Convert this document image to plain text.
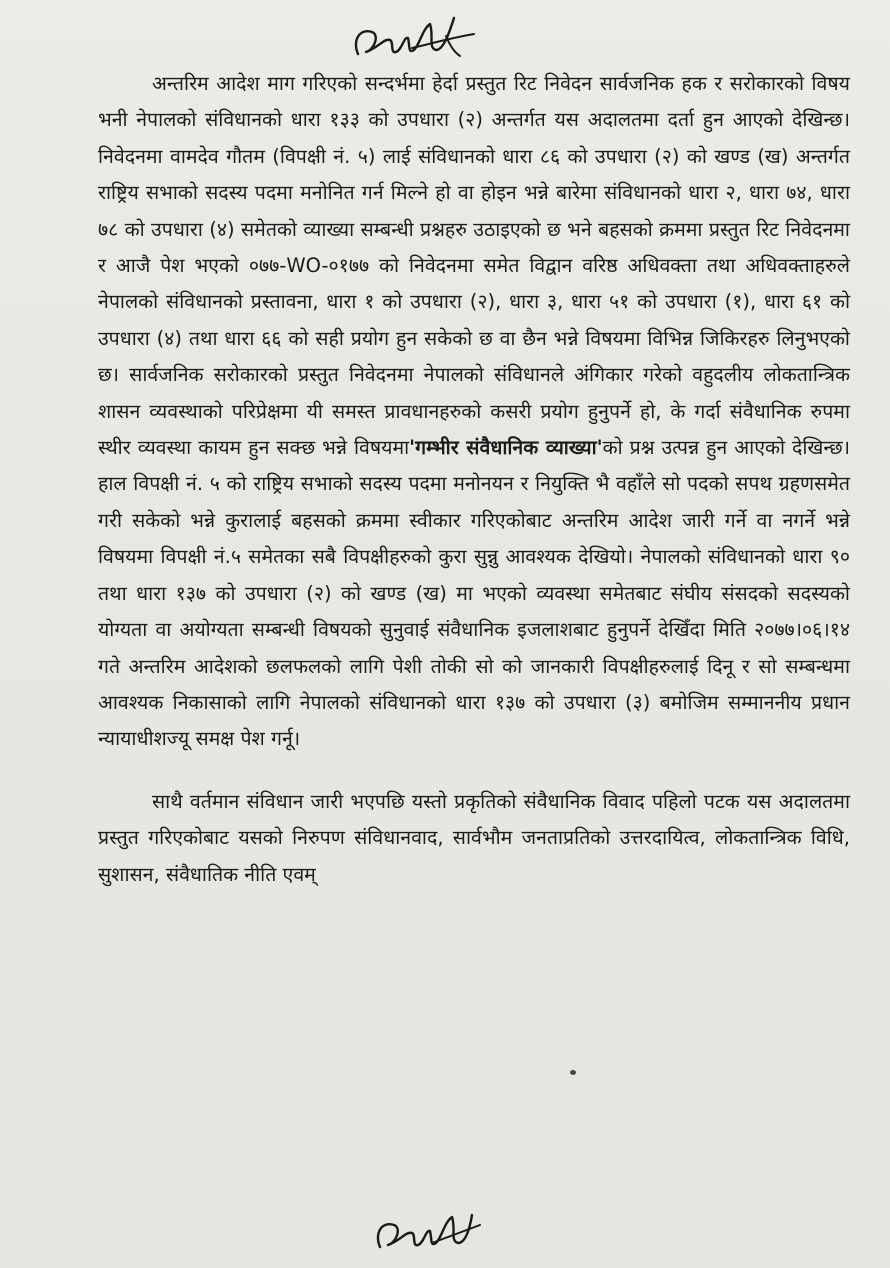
अन्तरिम आदेश माग गरिएको सन्दर्भमा हेर्दा प्रस्तुत रिट निवेदन सार्वजनिक हक र सरोकारको विषय भनी नेपालको संविधानको धारा १३३ को उपधारा (२) अन्तर्गत यस अदालतमा दर्ता हुन आएको देखिन्छ। निवेदनमा वामदेव गौतम (विपक्षी नं. ५) लाई संविधानको धारा ८६ को उपधारा (२) को खण्ड (ख) अन्तर्गत राष्ट्रिय सभाको सदस्य पदमा मनोनित गर्न मिल्ने हो वा होइन भन्ने बारेमा संविधानको धारा २, धारा ७४, धारा ७८ को उपधारा (४) समेतको व्याख्या सम्बन्धी प्रश्नहरु उठाइएको छ भने बहसको क्रममा प्रस्तुत रिट निवेदनमा र आजै पेश भएको ०७७-WO-०१७७ को निवेदनमा समेत विद्वान वरिष्ठ अधिवक्ता तथा अधिवक्ताहरुले नेपालको संविधानको प्रस्तावना, धारा १ को उपधारा (२), धारा ३, धारा ५१ को उपधारा (१), धारा ६१ को उपधारा (४) तथा धारा ६६ को सही प्रयोग हुन सकेको छ वा छैन भन्ने विषयमा विभिन्न जिकिरहरु लिनुभएको छ। सार्वजनिक सरोकारको प्रस्तुत निवेदनमा नेपालको संविधानले अंगिकार गरेको वहुदलीय लोकतान्त्रिक शासन व्यवस्थाको परिप्रेक्षमा यी समस्त प्रावधानहरुको कसरी प्रयोग हुनुपर्ने हो, के गर्दा संवैधानिक रुपमा स्थीर व्यवस्था कायम हुन सक्छ भन्ने विषयमा'गम्भीर संवैधानिक व्याख्या'को प्रश्न उत्पन्न हुन आएको देखिन्छ। हाल विपक्षी नं. ५ को राष्ट्रिय सभाको सदस्य पदमा मनोनयन र नियुक्ति भै वहाँले सो पदको सपथ ग्रहणसमेत गरी सकेको भन्ने कुरालाई बहसको क्रममा स्वीकार गरिएकोबाट अन्तरिम आदेश जारी गर्ने वा नगर्ने भन्ने विषयमा विपक्षी नं.५ समेतका सबै विपक्षीहरुको कुरा सुन्नु आवश्यक देखियो। नेपालको संविधानको धारा ९० तथा धारा १३७ को उपधारा (२) को खण्ड (ख) मा भएको व्यवस्था समेतबाट संघीय संसदको सदस्यको योग्यता वा अयोग्यता सम्बन्धी विषयको सुनुवाई संवैधानिक इजलाशबाट हुनुपर्ने देखिँदा मिति २०७७।०६।१४ गते अन्तरिम आदेशको छलफलको लागि पेशी तोकी सो को जानकारी विपक्षीहरुलाई दिनू र सो सम्बन्धमा आवश्यक निकासाको लागि नेपालको संविधानको धारा १३७ को उपधारा (३) बमोजिम सम्माननीय प्रधान न्यायाधीशज्यू समक्ष पेश गर्नू।

साथै वर्तमान संविधान जारी भएपछि यस्तो प्रकृतिको संवैधानिक विवाद पहिलो पटक यस अदालतमा प्रस्तुत गरिएकोबाट यसको निरुपण संविधानवाद, सार्वभौम जनताप्रतिको उत्तरदायित्व, लोकतान्त्रिक विधि, सुशासन, संवैधातिक नीति एवम्
